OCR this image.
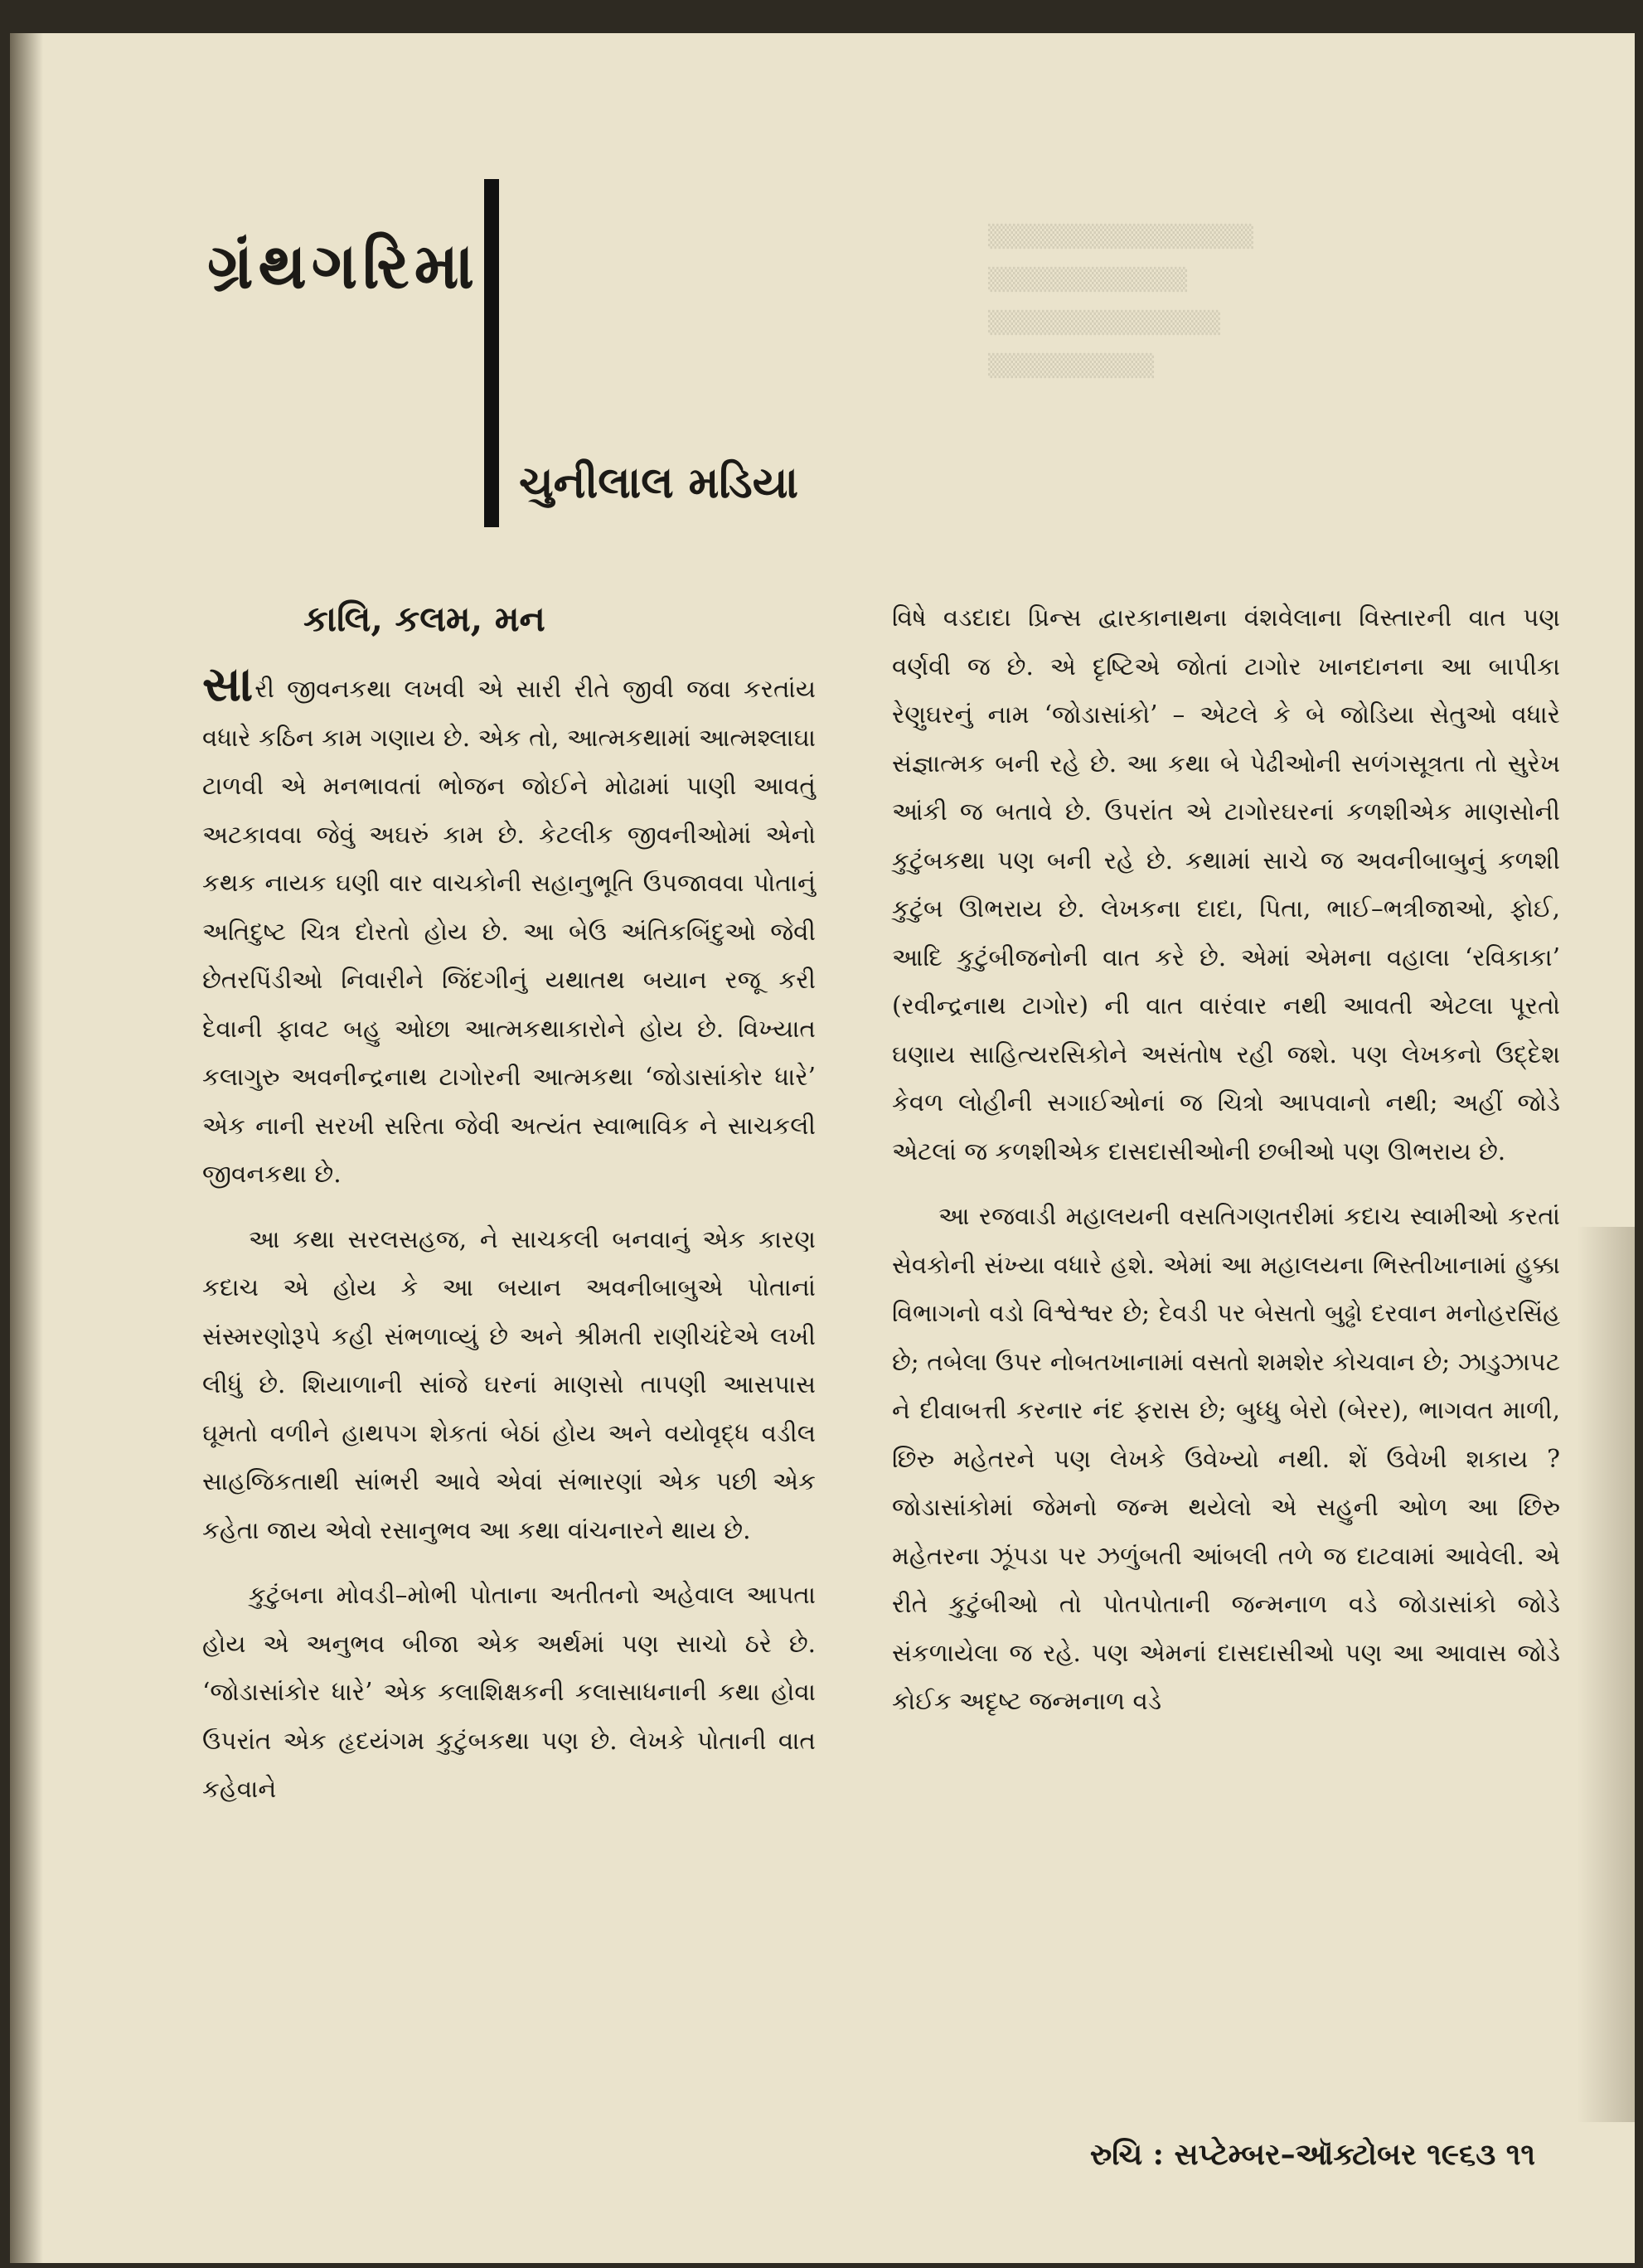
▒▒▒▒▒▒▒▒▒▒▒▒▒▒▒▒
▒▒▒▒▒▒▒▒▒▒▒▒
▒▒▒▒▒▒▒▒▒▒▒▒▒▒
▒▒▒▒▒▒▒▒▒▒
ગ્રંથગરિમા
ચુનીલાલ મડિયા
કાલિ, કલમ, મન

સારી જીવનકથા લખવી એ સારી રીતે જીવી જવા કરતાંય વધારે કઠિન કામ ગણાય છે. એક તો, આત્મકથામાં આત્મશ્લાઘા ટાળવી એ મનભાવતાં ભોજન જોઈને મોઢામાં પાણી આવતું અટકાવવા જેવું અઘરું કામ છે. કેટલીક જીવનીઓમાં એનો કથક નાયક ઘણી વાર વાચકોની સહાનુભૂતિ ઉપજાવવા પોતાનું અતિદુષ્ટ ચિત્ર દોરતો હોય છે. આ બેઉ અંતિકબિંદુઓ જેવી છેતરપિંડીઓ નિવારીને જિંદગીનું યથાતથ બયાન રજૂ કરી દેવાની ફાવટ બહુ ઓછા આત્મકથાકારોને હોય છે. વિખ્યાત કલાગુરુ અવનીન્દ્રનાથ ટાગોરની આત્મકથા ‘જોડાસાંકોર ધારે’ એક નાની સરખી સરિતા જેવી અત્યંત સ્વાભાવિક ને સાચકલી જીવનકથા છે.

આ કથા સરલસહજ, ને સાચકલી બનવાનું એક કારણ કદાચ એ હોય કે આ બયાન અવનીબાબુએ પોતાનાં સંસ્મરણોરૂપે કહી સંભળાવ્યું છે અને શ્રીમતી રાણીચંદેએ લખી લીધું છે. શિયાળાની સાંજે ઘરનાં માણસો તાપણી આસપાસ ઘૂમતો વળીને હાથપગ શેકતાં બેઠાં હોય અને વયોવૃદ્ધ વડીલ સાહજિકતાથી સાંભરી આવે એવાં સંભારણાં એક પછી એક કહેતા જાય એવો રસાનુભવ આ કથા વાંચનારને થાય છે.

કુટુંબના મોવડી–મોભી પોતાના અતીતનો અહેવાલ આપતા હોય એ અનુભવ બીજા એક અર્થમાં પણ સાચો ઠરે છે. ‘જોડાસાંકોર ધારે’ એક કલાશિક્ષકની કલાસાધનાની કથા હોવા ઉપરાંત એક હૃદયંગમ કુટુંબકથા પણ છે. લેખકે પોતાની વાત કહેવાને

વિષે વડદાદા પ્રિન્સ દ્વારકાનાથના વંશવેલાના વિસ્તારની વાત પણ વર્ણવી જ છે. એ દૃષ્ટિએ જોતાં ટાગોર ખાનદાનના આ બાપીકા રેણુઘરનું નામ ‘જોડાસાંકો’ – એટલે કે બે જોડિયા સેતુઓ વધારે સંજ્ઞાત્મક બની રહે છે. આ કથા બે પેઢીઓની સળંગસૂત્રતા તો સુરેખ આંકી જ બતાવે છે. ઉપરાંત એ ટાગોરઘરનાં કળશીએક માણસોની કુટુંબકથા પણ બની રહે છે. કથામાં સાચે જ અવનીબાબુનું કળશી કુટુંબ ઊભરાય છે. લેખકના દાદા, પિતા, ભાઈ–ભત્રીજાઓ, ફોઈ, આદિ કુટુંબીજનોની વાત કરે છે. એમાં એમના વહાલા ‘રવિકાકા’ (રવીન્દ્રનાથ ટાગોર) ની વાત વારંવાર નથી આવતી એટલા પૂરતો ઘણાય સાહિત્યરસિકોને અસંતોષ રહી જશે. પણ લેખકનો ઉદ્દેશ કેવળ લોહીની સગાઈઓનાં જ ચિત્રો આપવાનો નથી; અહીં જોડે એટલાં જ કળશીએક દાસદાસીઓની છબીઓ પણ ઊભરાય છે.

આ રજવાડી મહાલયની વસતિગણતરીમાં કદાચ સ્વામીઓ કરતાં સેવકોની સંખ્યા વધારે હશે. એમાં આ મહાલયના ભિસ્તીખાનામાં હુક્કા વિભાગનો વડો વિશ્વેશ્વર છે; દેવડી પર બેસતો બુઢ્ઢો દરવાન મનોહરસિંહ છે; તબેલા ઉપર નોબતખાનામાં વસતો શમશેર કોચવાન છે; ઝાડુઝાપટ ને દીવાબત્તી કરનાર નંદ ફરાસ છે; બુધ્ધુ બેરો (બેરર), ભાગવત માળી, છિરુ મહેતરને પણ લેખકે ઉવેખ્યો નથી. શેં ઉવેખી શકાય ? જોડાસાંકોમાં જેમનો જન્મ થયેલો એ સહુની ઓળ આ છિરુ મહેતરના ઝૂંપડા પર ઝળુંબતી આંબલી તળે જ દાટવામાં આવેલી. એ રીતે કુટુંબીઓ તો પોતપોતાની જન્મનાળ વડે જોડાસાંકો જોડે સંકળાયેલા જ રહે. પણ એમનાં દાસદાસીઓ પણ આ આવાસ જોડે કોઈક અદૃષ્ટ જન્મનાળ વડે

રુચિ : સપ્ટેમ્બર–ઑક્ટોબર ૧૯૬૩ ૧૧
